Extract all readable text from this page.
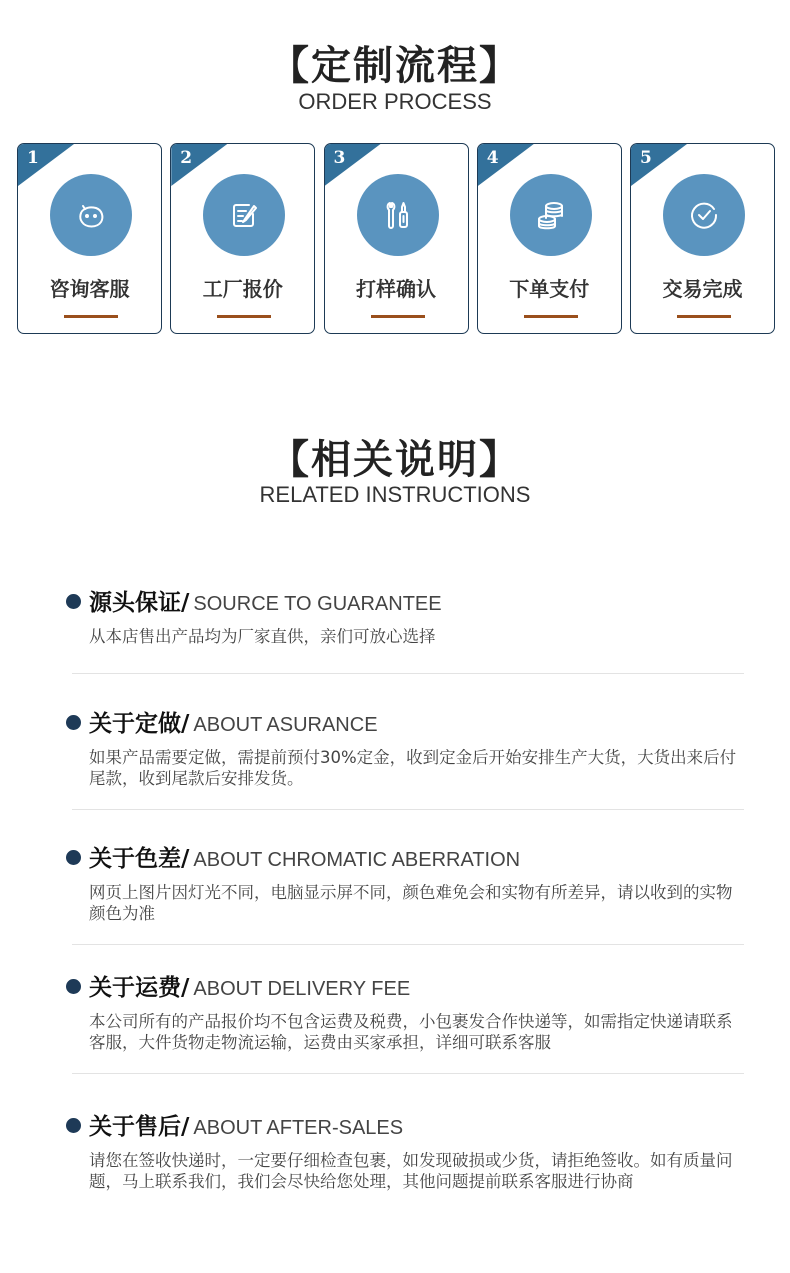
【定制流程】
ORDER PROCESS
1
咨询客服
2
工厂报价
3
打样确认
4
下单支付
5
交易完成
【相关说明】
RELATED INSTRUCTIONS
源头保证/ SOURCE TO GUARANTEE
从本店售出产品均为厂家直供，亲们可放心选择
关于定做/ ABOUT ASURANCE
如果产品需要定做，需提前预付30%定金，收到定金后开始安排生产大货，大货出来后付尾款，收到尾款后安排发货。
关于色差/ ABOUT CHROMATIC ABERRATION
网页上图片因灯光不同，电脑显示屏不同，颜色难免会和实物有所差异，请以收到的实物颜色为准
关于运费/ ABOUT DELIVERY FEE
本公司所有的产品报价均不包含运费及税费，小包裹发合作快递等，如需指定快递请联系客服，大件货物走物流运输，运费由买家承担，详细可联系客服
关于售后/ ABOUT AFTER-SALES
请您在签收快递时，一定要仔细检查包裹，如发现破损或少货，请拒绝签收。如有质量问题，马上联系我们，我们会尽快给您处理，其他问题提前联系客服进行协商
